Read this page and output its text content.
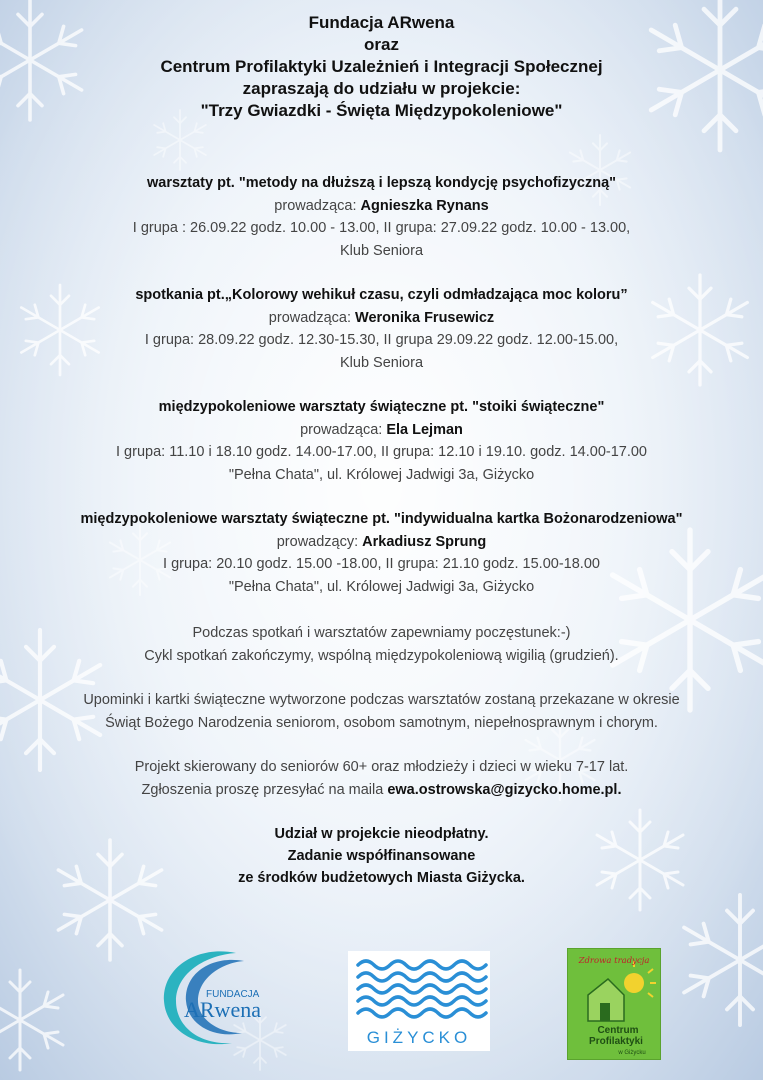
Fundacja ARwena
oraz
Centrum Profilaktyki Uzależnień i Integracji Społecznej
zapraszają do udziału w projekcie:
"Trzy Gwiazdki - Święta Międzypokoleniowe"
warsztaty pt. "metody na dłuższą i lepszą kondycję psychofizyczną"
prowadząca: Agnieszka Rynans
I grupa : 26.09.22 godz. 10.00 - 13.00, II grupa: 27.09.22 godz. 10.00 - 13.00,
Klub Seniora
spotkania pt.„Kolorowy wehikuł czasu, czyli odmładzająca moc koloru”
prowadząca: Weronika Frusewicz
I grupa: 28.09.22 godz. 12.30-15.30, II grupa 29.09.22 godz. 12.00-15.00,
Klub Seniora
międzypokoleniowe warsztaty świąteczne pt. "stoiki świąteczne"
prowadząca: Ela Lejman
I grupa: 11.10 i 18.10 godz. 14.00-17.00, II grupa: 12.10 i 19.10. godz. 14.00-17.00
"Pełna Chata", ul. Królowej Jadwigi 3a, Giżycko
międzypokoleniowe warsztaty świąteczne pt. "indywidualna kartka Bożonarodzeniowa"
prowadzący: Arkadiusz Sprung
I grupa: 20.10 godz. 15.00 -18.00, II grupa: 21.10 godz. 15.00-18.00
"Pełna Chata", ul. Królowej Jadwigi 3a, Giżycko
Podczas spotkań i warsztatów zapewniamy poczęstunek:-)
Cykl spotkań zakończymy, wspólną międzypokoleniową wigilią (grudzień).
Upominki i kartki świąteczne wytworzone podczas warsztatów zostaną przekazane w okresie
Świąt Bożego Narodzenia seniorom, osobom samotnym, niepełnosprawnym i chorym.
Projekt skierowany do seniorów 60+ oraz młodzieży i dzieci w wieku 7-17 lat.
Zgłoszenia proszę przesyłać na maila ewa.ostrowska@gizycko.home.pl.
Udział w projekcie nieodpłatny.
Zadanie współfinansowane
ze środków budżetowych Miasta Giżycka.
FUNDACJA
ARwena
GIŻYCKO
Zdrowa tradycja
Centrum
Profilaktyki
w Giżycku
